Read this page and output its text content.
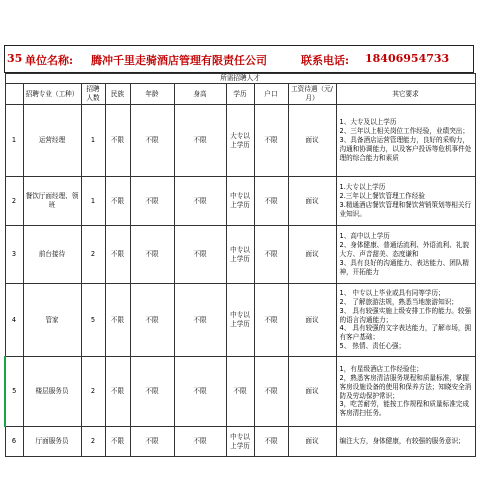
35 单位名称: 腾冲千里走骑酒店管理有限责任公司	联系电话: 18406954733
所需招聘人才									
	招聘专业（工种）	招聘人数	民族	年龄	身高	学历	户口	工资待遇（元/月）	其它要求
1	运营经理	1	不限	不限	不限	大专以上学历	不限	面议	1、大专及以上学历
2、三年以上相关岗位工作经验，业绩突出；
3、具备酒店运营管理能力，良好的采购力，沟通和协调能力，以及客户投诉等危机事件处理的综合能力和素质
2	餐饮厅面经理、领班	1	不限	不限	不限	中专以上学历	不限	面议	1.大专以上学历
2.三年以上餐饮管理工作经验
3.精通酒店餐饮管理和餐饮营销策划等相关行业知识。
3	前台接待	2	不限	不限	不限	中专以上学历	不限	面议	1、高中以上学历
2、身体健康、普通话流利、外语流利、礼貌大方、声音甜美、态度谦和
3、具有良好的沟通能力、表达能力、团队精神，开拓能力
4	管家	5	不限	不限	不限	中专以上学历	不限	面议	1、 中专以上毕业或具有同等学历；
2、 了解旅游法规，熟悉当地旅游知识；
3、 具有较强实施上级安排工作的能力。较强的语言沟通能力；
4、 具有较强的文字表达能力，了解市场，拥有客户基础；
5、 热情、责任心强；
5	楼层服务员	2	不限	不限	不限	不限	不限	面议	1，有星级酒店工作经验佳；
2，熟悉客房清洁服务规程和质量标准，掌握客房设施设备的使用和保养方法；知晓安全消防及劳动保护常识；
3，吃苦耐劳，能按工作规程和质量标准完成客房清扫任务。
6	厅面服务员	2	不限	不限	不限	中专以上学历	不限	面议	编注大方，身体健康，有较强的服务意识；
